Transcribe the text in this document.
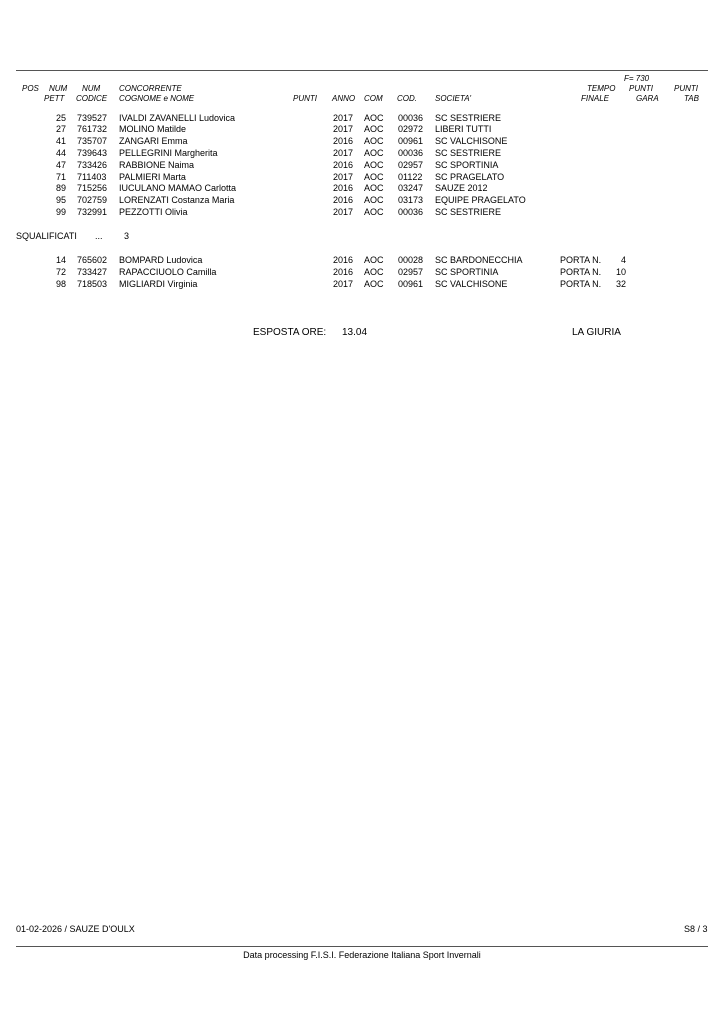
F= 730
POS NUM NUM CONCORRENTE	TEMPO PUNTI	PUNTI
PETT CODICE COGNOME e NOME	PUNTI ANNO COM COD. SOCIETA'	FINALE	GARA	TAB
25 739527 IVALDI ZAVANELLI Ludovica	2017 AOC 00036 SC SESTRIERE
27 761732 MOLINO Matilde	2017 AOC 02972 LIBERI TUTTI
41 735707 ZANGARI Emma	2016 AOC 00961 SC VALCHISONE
44 739643 PELLEGRINI Margherita	2017 AOC 00036 SC SESTRIERE
47 733426 RABBIONE Naima	2016 AOC 02957 SC SPORTINIA
71 711403 PALMIERI Marta	2017 AOC 01122 SC PRAGELATO
89 715256 IUCULANO MAMAO Carlotta	2016 AOC 03247 SAUZE 2012
95 702759 LORENZATI Costanza Maria	2016 AOC 03173 EQUIPE PRAGELATO
99 732991 PEZZOTTI Olivia	2017 AOC 00036 SC SESTRIERE
SQUALIFICATI ... 3
14 765602 BOMPARD Ludovica	2016 AOC 00028 SC BARDONECCHIA	PORTA N.	4
72 733427 RAPACCIUOLO Camilla	2016 AOC 02957 SC SPORTINIA	PORTA N.	10
98 718503 MIGLIARDI Virginia	2017 AOC 00961 SC VALCHISONE	PORTA N.	32
ESPOSTA ORE: 13.04	LA GIURIA
01-02-2026 / SAUZE D'OULX	S8 / 3
Data processing F.I.S.I. Federazione Italiana Sport Invernali
